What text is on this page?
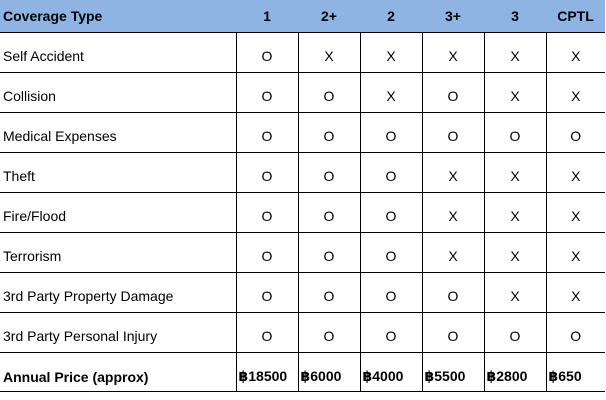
Coverage Type	1	2+	2	3+	3	CPTL
Self Accident	O	X	X	X	X	X
Collision	O	O	X	O	X	X
Medical Expenses	O	O	O	O	O	O
Theft	O	O	O	X	X	X
Fire/Flood	O	O	O	X	X	X
Terrorism	O	O	O	X	X	X
3rd Party Property Damage	O	O	O	O	X	X
3rd Party Personal Injury	O	O	O	O	O	O
Annual Price (approx)	฿18500	฿6000	฿4000	฿5500	฿2800	฿650
